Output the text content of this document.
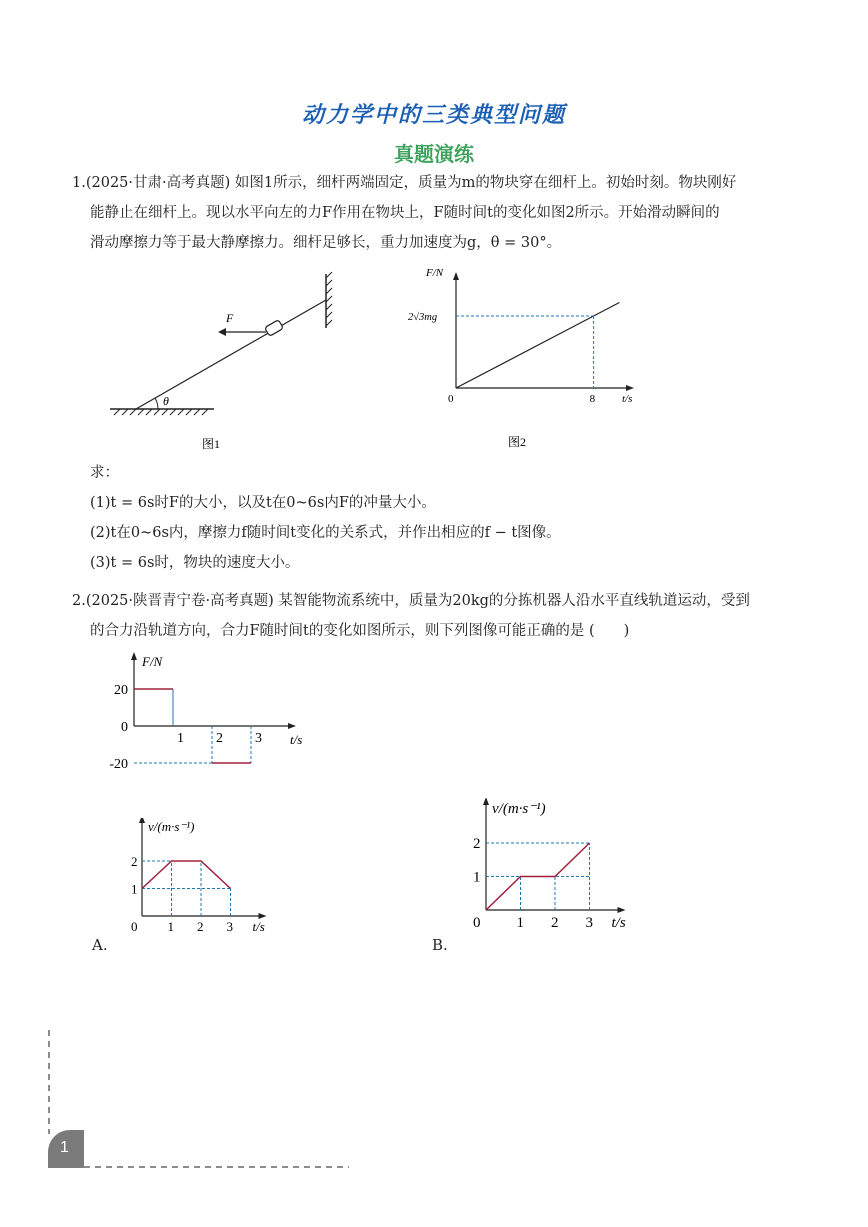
动力学中的三类典型问题
真题演练
1.(2025·甘肃·高考真题) 如图1所示，细杆两端固定，质量为m的物块穿在细杆上。初始时刻。物块刚好
能静止在细杆上。现以水平向左的力F作用在物块上，F随时间t的变化如图2所示。开始滑动瞬间的
滑动摩擦力等于最大静摩擦力。细杆足够长，重力加速度为g，θ = 30°。
θ
F
图1
F/N
t/s
0	8
2√3mg
图2
求：
(1)t = 6s时F的大小，以及t在0~6s内F的冲量大小。
(2)t在0~6s内，摩擦力f随时间t变化的关系式，并作出相应的f − t图像。
(3)t = 6s时，物块的速度大小。
2.(2025·陕晋青宁卷·高考真题) 某智能物流系统中，质量为20kg的分拣机器人沿水平直线轨道运动，受到
的合力沿轨道方向，合力F随时间t的变化如图所示，则下列图像可能正确的是 (　　)
F/N
t/s
20
0
-20
1 2 3
v/(m·s⁻¹)
t/s
0 1 2 3
1
2
A.
v/(m·s⁻¹)
t/s
0 1 2 3
1
2
B.
1
